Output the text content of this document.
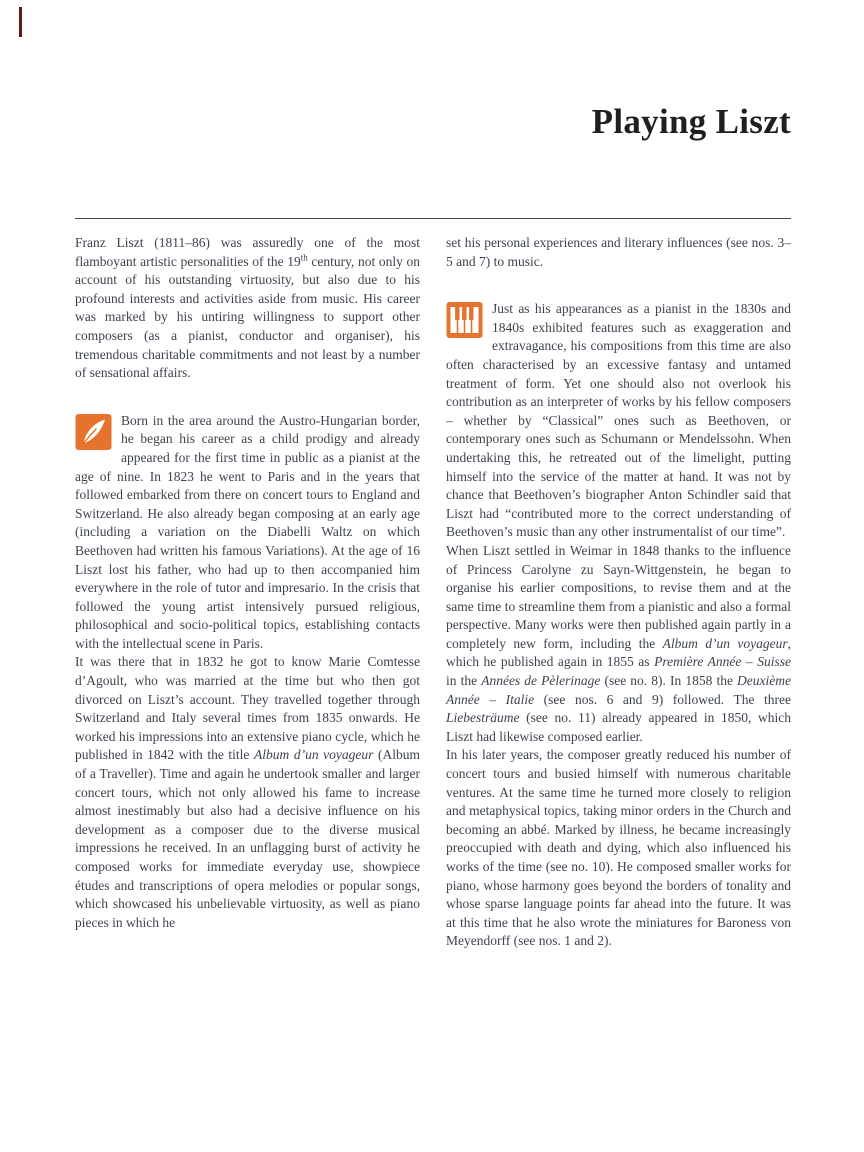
Playing Liszt

Franz Liszt (1811–86) was assuredly one of the most flamboyant artistic personalities of the 19th century, not only on account of his outstanding virtuosity, but also due to his profound interests and activities aside from music. His career was marked by his untiring willingness to support other composers (as a pianist, conductor and organiser), his tremendous charitable commitments and not least by a number of sensational affairs.

Born in the area around the Austro-Hungarian border, he began his career as a child prodigy and already appeared for the first time in public as a pianist at the age of nine. In 1823 he went to Paris and in the years that followed embarked from there on concert tours to England and Switzerland. He also already began composing at an early age (including a variation on the Diabelli Waltz on which Beethoven had written his famous Variations). At the age of 16 Liszt lost his father, who had up to then accompanied him everywhere in the role of tutor and impresario. In the crisis that followed the young artist intensively pursued religious, philosophical and socio-political topics, establishing contacts with the intellectual scene in Paris.

It was there that in 1832 he got to know Marie Comtesse d’Agoult, who was married at the time but who then got divorced on Liszt’s account. They travelled together through Switzerland and Italy several times from 1835 onwards. He worked his impressions into an extensive piano cycle, which he published in 1842 with the title Album d’un voyageur (Album of a Traveller). Time and again he undertook smaller and larger concert tours, which not only allowed his fame to increase almost inestimably but also had a decisive influence on his development as a composer due to the diverse musical impressions he received. In an unflagging burst of activity he composed works for immediate everyday use, showpiece études and transcriptions of opera melodies or popular songs, which showcased his unbelievable virtuosity, as well as piano pieces in which he

set his personal experiences and literary influences (see nos. 3–5 and 7) to music.

Just as his appearances as a pianist in the 1830s and 1840s exhibited features such as exaggeration and extravagance, his compositions from this time are also often characterised by an excessive fantasy and untamed treatment of form. Yet one should also not overlook his contribution as an interpreter of works by his fellow composers – whether by “Classical” ones such as Beethoven, or contemporary ones such as Schumann or Mendelssohn. When undertaking this, he retreated out of the limelight, putting himself into the service of the matter at hand. It was not by chance that Beethoven’s biographer Anton Schindler said that Liszt had “contributed more to the correct understanding of Beethoven’s music than any other instrumentalist of our time”.

When Liszt settled in Weimar in 1848 thanks to the influence of Princess Carolyne zu Sayn-Wittgenstein, he began to organise his earlier compositions, to revise them and at the same time to streamline them from a pianistic and also a formal perspective. Many works were then published again partly in a completely new form, including the Album d’un voyageur, which he published again in 1855 as Première Année – Suisse in the Années de Pèlerinage (see no. 8). In 1858 the Deuxième Année – Italie (see nos. 6 and 9) followed. The three Liebesträume (see no. 11) already appeared in 1850, which Liszt had likewise composed earlier.

In his later years, the composer greatly reduced his number of concert tours and busied himself with numerous charitable ventures. At the same time he turned more closely to religion and metaphysical topics, taking minor orders in the Church and becoming an abbé. Marked by illness, he became increasingly preoccupied with death and dying, which also influenced his works of the time (see no. 10). He composed smaller works for piano, whose harmony goes beyond the borders of tonality and whose sparse language points far ahead into the future. It was at this time that he also wrote the miniatures for Baroness von Meyendorff (see nos. 1 and 2).
